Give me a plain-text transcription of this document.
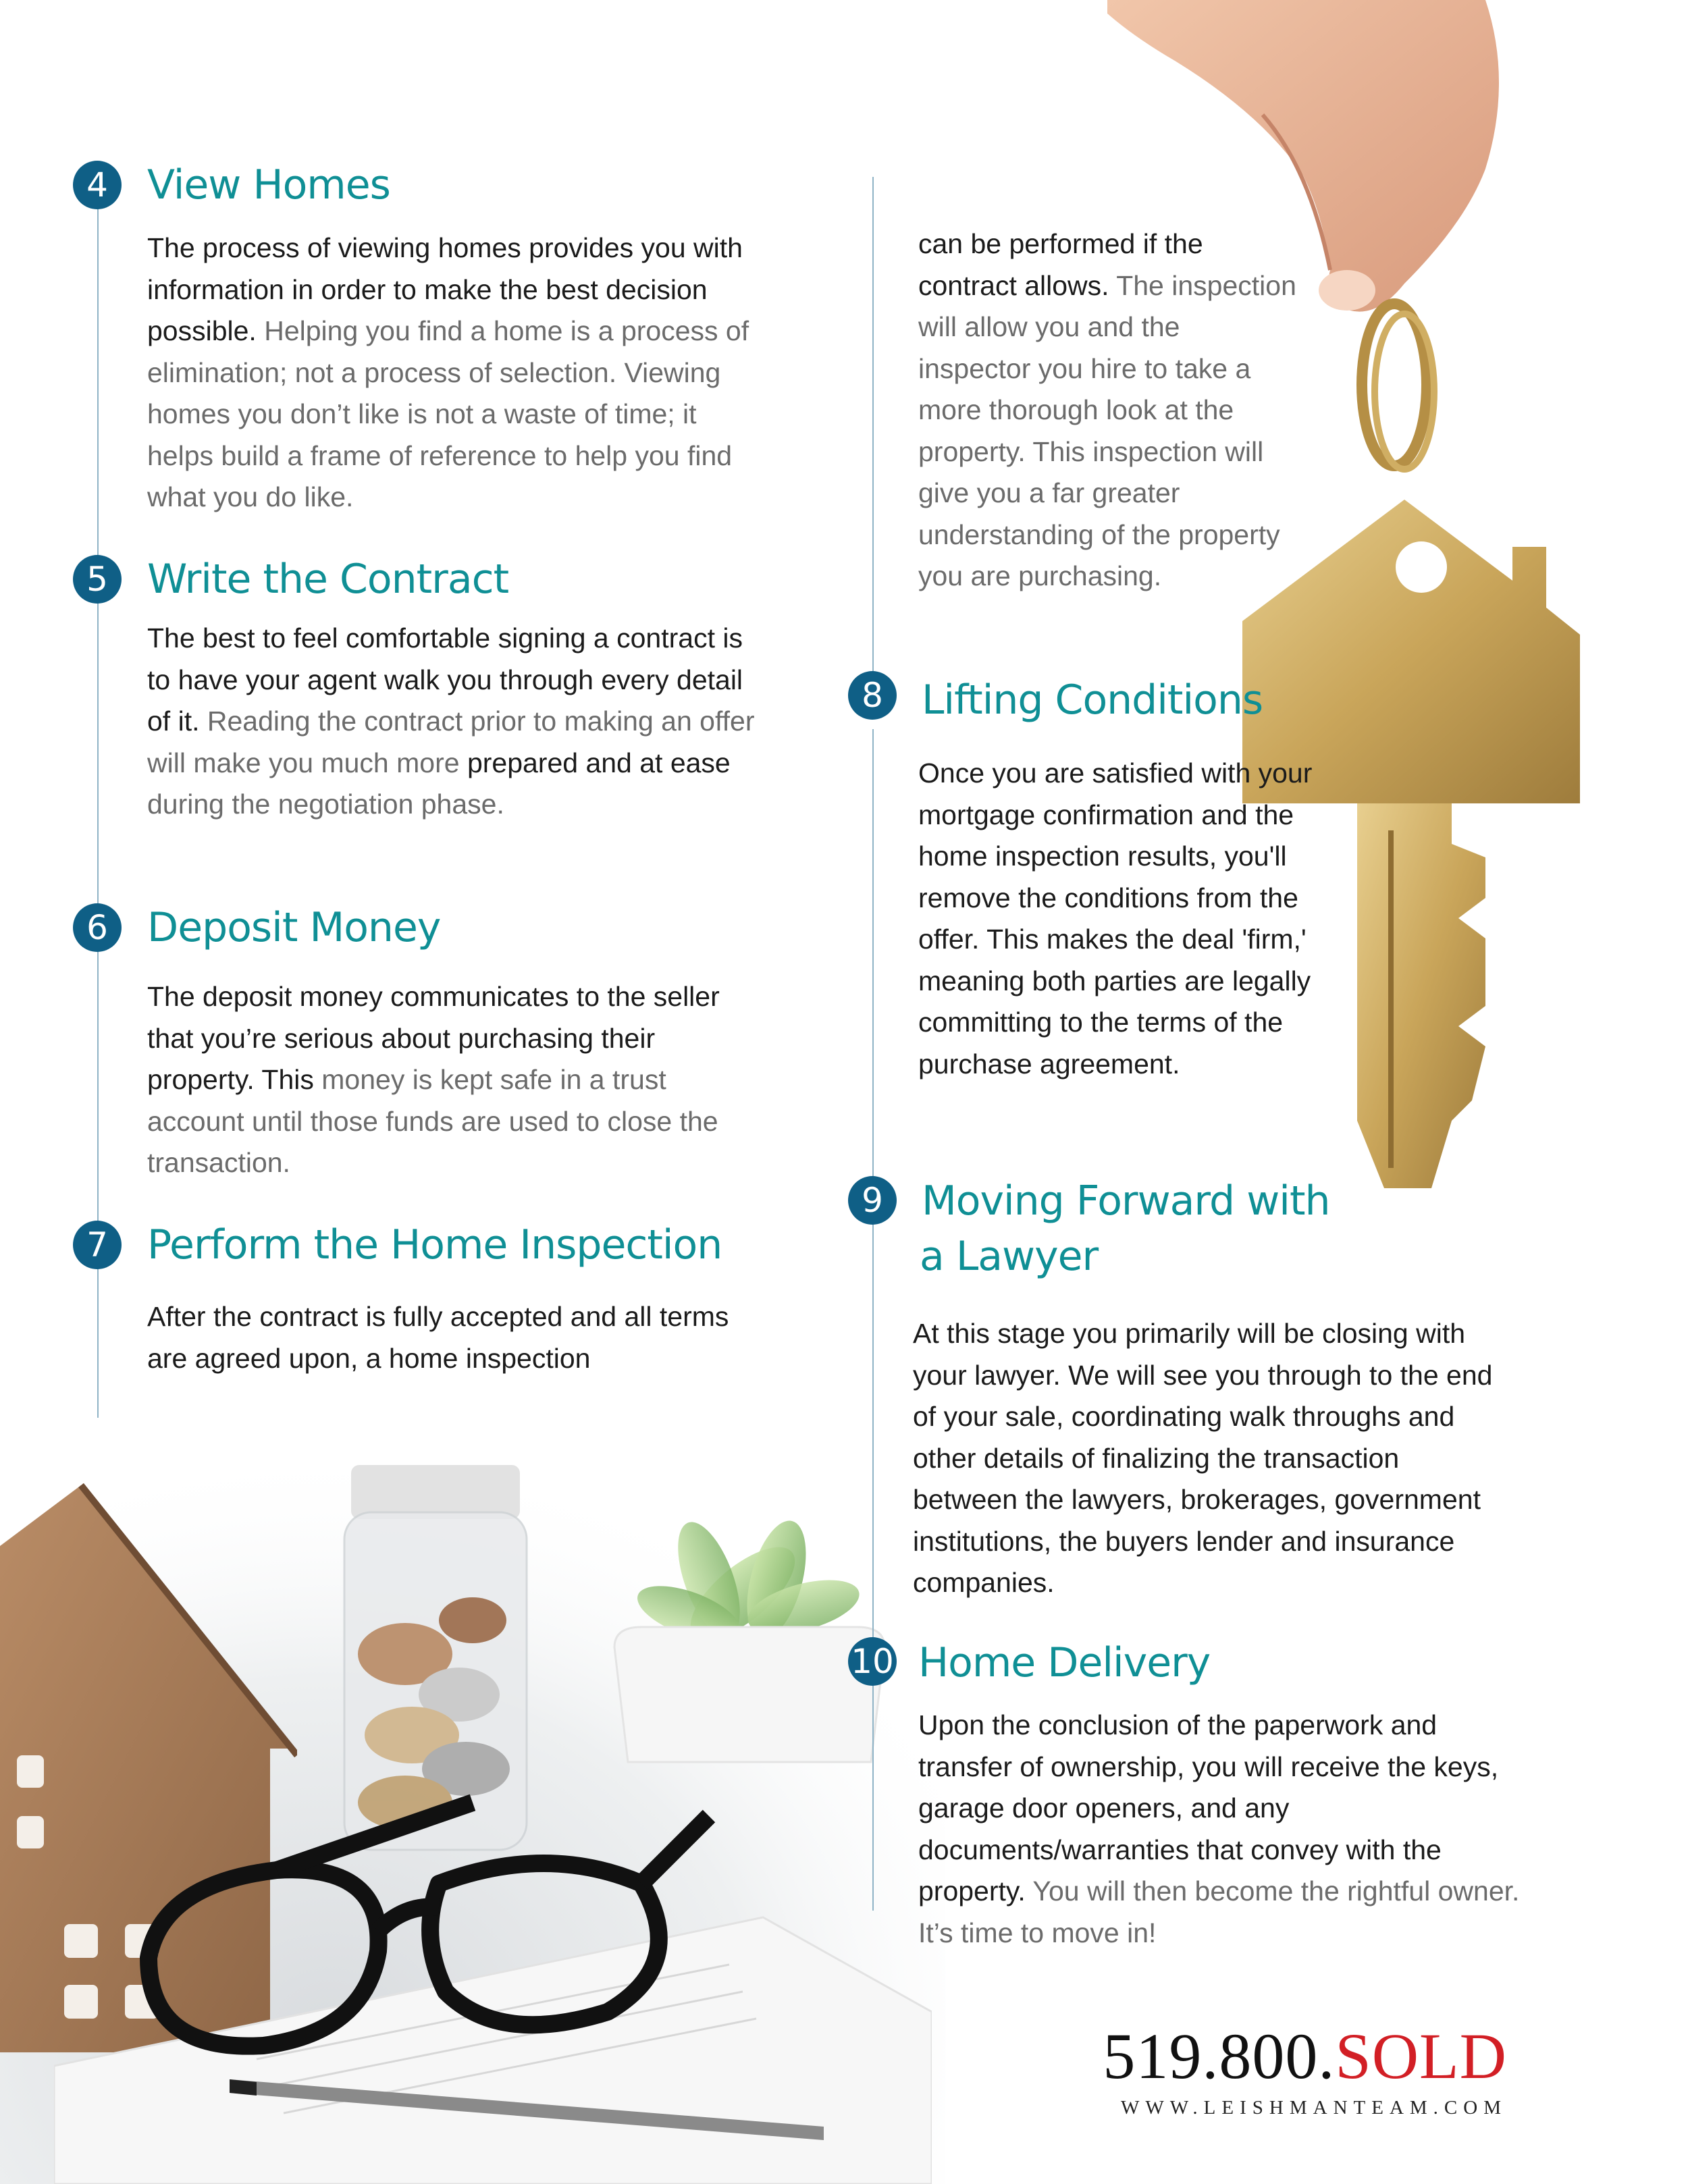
4 View Homes
The process of viewing homes provides you with information in order to make the best decision possible. Helping you find a home is a process of elimination; not a process of selection. Viewing homes you don’t like is not a waste of time; it helps build a frame of reference to help you find what you do like.
5 Write the Contract
The best to feel comfortable signing a contract is to have your agent walk you through every detail of it. Reading the contract prior to making an offer will make you much more prepared and at ease during the negotiation phase.
6 Deposit Money
The deposit money communicates to the seller that you’re serious about purchasing their property. This money is kept safe in a trust account until those funds are used to close the transaction.
7 Perform the Home Inspection
After the contract is fully accepted and all terms are agreed upon, a home inspection
can be performed if the contract allows. The inspection will allow you and the inspector you hire to take a more thorough look at the property. This inspection will give you a far greater understanding of the property you are purchasing.
8 Lifting Conditions
Once you are satisfied with your mortgage confirmation and the home inspection results, you'll remove the conditions from the offer. This makes the deal 'firm,' meaning both parties are legally committing to the terms of the purchase agreement.
9 Moving Forward with
a Lawyer
At this stage you primarily will be closing with your lawyer. We will see you through to the end of your sale, coordinating walk throughs and other details of finalizing the transaction between the lawyers, brokerages, government institutions, the buyers lender and insurance companies.
10 Home Delivery
Upon the conclusion of the paperwork and transfer of ownership, you will receive the keys, garage door openers, and any documents/warranties that convey with the property. You will then become the rightful owner. It’s time to move in!
519.800.SOLD
WWW.LEISHMANTEAM.COM
